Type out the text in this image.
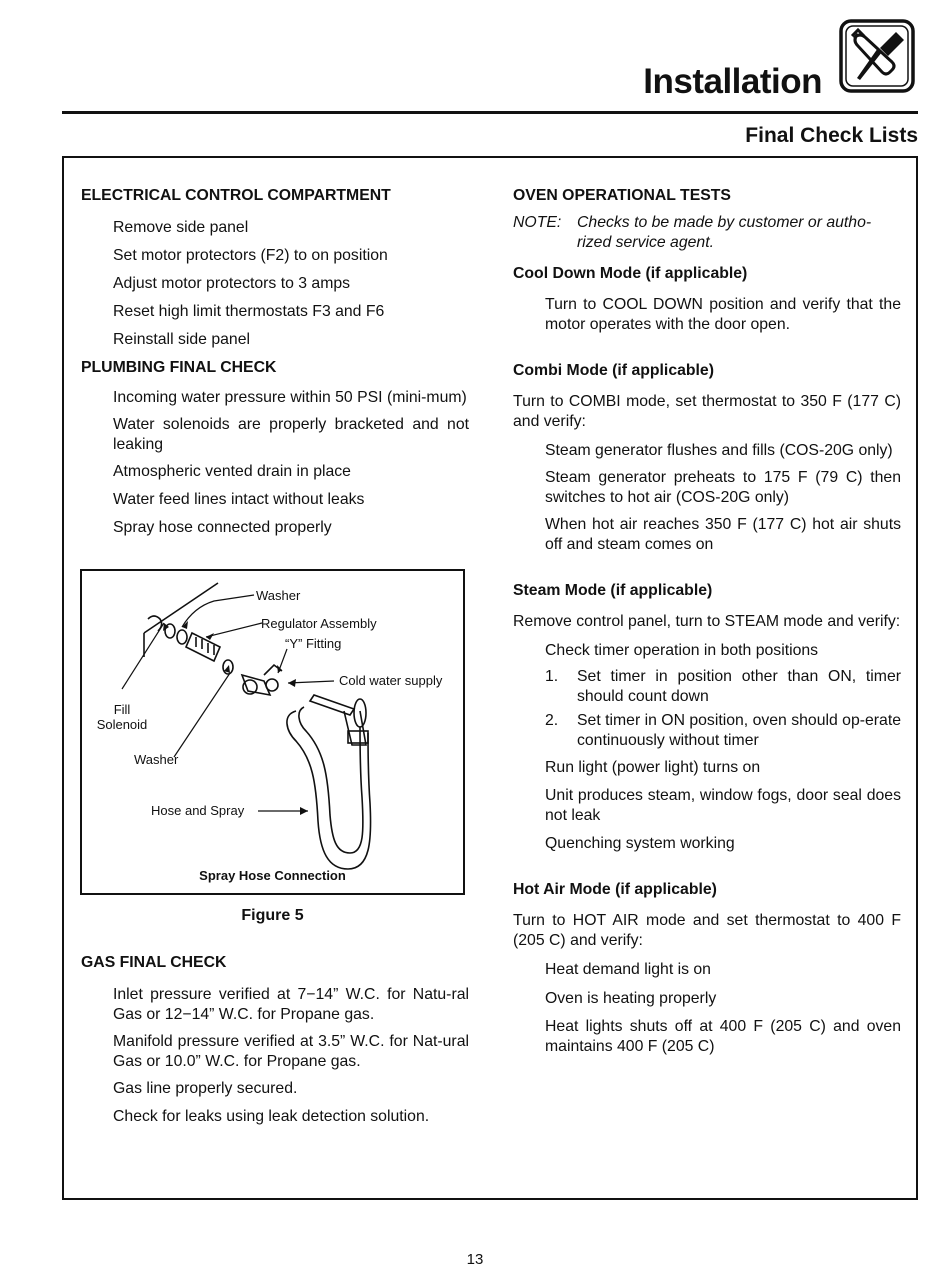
Installation
Final Check Lists
ELECTRICAL CONTROL COMPARTMENT
Remove side panel
Set motor protectors (F2) to on position
Adjust motor protectors to 3 amps
Reset high limit thermostats F3 and F6
Reinstall side panel
PLUMBING FINAL CHECK
Incoming water pressure within 50 PSI (mini-mum)
Water solenoids are properly bracketed and not leaking
Atmospheric vented drain in place
Water feed lines intact without leaks
Spray hose connected properly
Washer
Regulator Assembly
“Y” Fitting
Cold water supply
Fill
Solenoid
Washer
Hose and Spray
Spray Hose Connection
Figure 5
GAS FINAL CHECK
Inlet pressure verified at 7−14” W.C. for Natu-ral Gas or 12−14” W.C. for Propane gas.
Manifold pressure verified at 3.5” W.C. for Nat-ural Gas or 10.0” W.C. for Propane gas.
Gas line properly secured.
Check for leaks using leak detection solution.
OVEN OPERATIONAL TESTS
NOTE: Checks to be made by customer or autho-rized service agent.
Cool Down Mode (if applicable)
Turn to COOL DOWN position and verify that the motor operates with the door open.
Combi Mode (if applicable)
Turn to COMBI mode, set thermostat to 350 F (177 C) and verify:
Steam generator flushes and fills (COS-20G only)
Steam generator preheats to 175 F (79 C) then switches to hot air (COS-20G only)
When hot air reaches 350 F (177 C) hot air shuts off and steam comes on
Steam Mode (if applicable)
Remove control panel, turn to STEAM mode and verify:
Check timer operation in both positions
1.	Set timer in position other than ON, timer should count down
2.	Set timer in ON position, oven should op-erate continuously without timer
Run light (power light) turns on
Unit produces steam, window fogs, door seal does not leak
Quenching system working
Hot Air Mode (if applicable)
Turn to HOT AIR mode and set thermostat to 400 F (205 C) and verify:
Heat demand light is on
Oven is heating properly
Heat lights shuts off at 400 F (205 C) and oven maintains 400 F (205 C)
13
